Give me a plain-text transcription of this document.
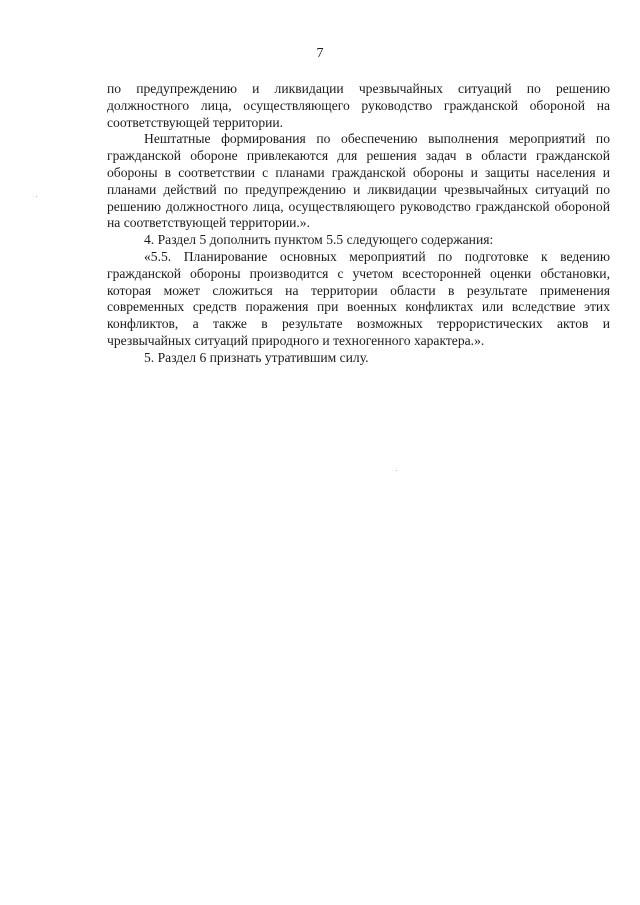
7

по предупреждению и ликвидации чрезвычайных ситуаций по решению должностного лица, осуществляющего руководство гражданской обороной на соответствующей территории.

Нештатные формирования по обеспечению выполнения мероприятий по гражданской обороне привлекаются для решения задач в области гражданской обороны в соответствии с планами гражданской обороны и защиты населения и планами действий по предупреждению и ликвидации чрезвычайных ситуаций по решению должностного лица, осуществляющего руководство гражданской обороной на соответствующей территории.».

4. Раздел 5 дополнить пунктом 5.5 следующего содержания:

«5.5. Планирование основных мероприятий по подготовке к ведению гражданской обороны производится с учетом всесторонней оценки обстановки, которая может сложиться на территории области в результате применения современных средств поражения при военных конфликтах или вследствие этих конфликтов, а также в результате возможных террористических актов и чрезвычайных ситуаций природного и техногенного характера.».

5. Раздел 6 признать утратившим силу.
